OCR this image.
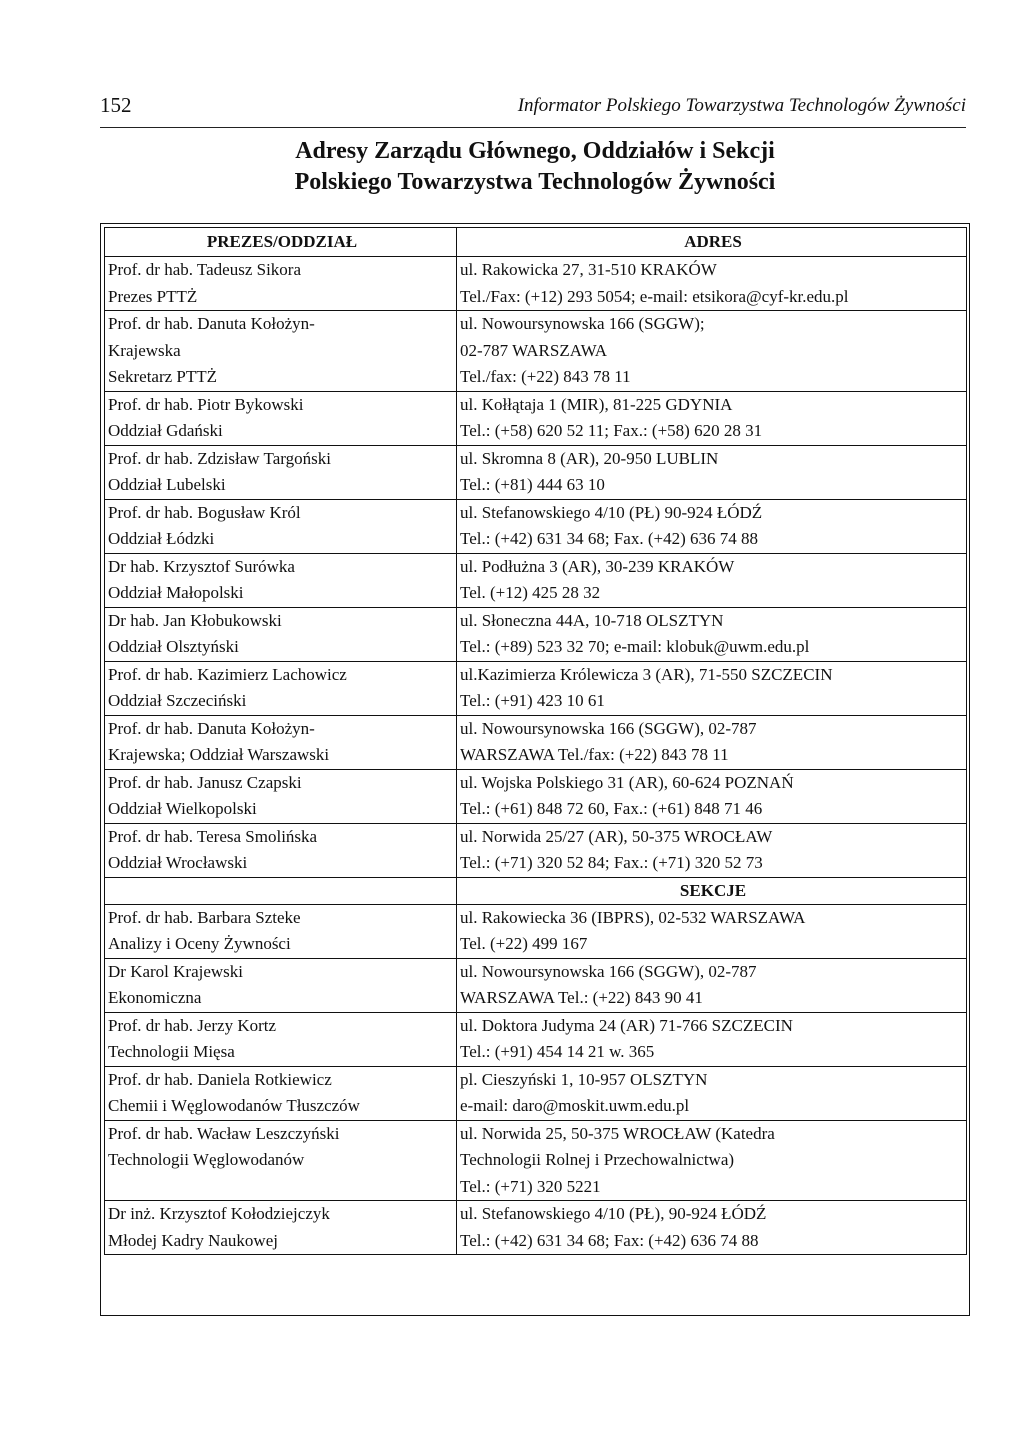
152	Informator Polskiego Towarzystwa Technologów Żywności
Adresy Zarządu Głównego, Oddziałów i Sekcji
Polskiego Towarzystwa Technologów Żywności
PREZES/ODDZIAŁ	ADRES

Prof. dr hab. Tadeusz Sikora
Prezes PTTŻ	ul. Rakowicka 27, 31-510 KRAKÓW
Tel./Fax: (+12) 293 5054; e-mail: etsikora@cyf-kr.edu.pl

Prof. dr hab. Danuta Kołożyn-
Krajewska
Sekretarz PTTŻ	ul. Nowoursynowska 166 (SGGW);
02-787 WARSZAWA
Tel./fax: (+22) 843 78 11

Prof. dr hab. Piotr Bykowski
Oddział Gdański	ul. Kołłątaja 1 (MIR), 81-225 GDYNIA
Tel.: (+58) 620 52 11; Fax.: (+58) 620 28 31

Prof. dr hab. Zdzisław Targoński
Oddział Lubelski	ul. Skromna 8 (AR), 20-950 LUBLIN
Tel.: (+81) 444 63 10

Prof. dr hab. Bogusław Król
Oddział Łódzki	ul. Stefanowskiego 4/10 (PŁ) 90-924 ŁÓDŹ
Tel.: (+42) 631 34 68; Fax. (+42) 636 74 88

Dr hab. Krzysztof Surówka
Oddział Małopolski	ul. Podłużna 3 (AR), 30-239 KRAKÓW
Tel. (+12) 425 28 32

Dr hab. Jan Kłobukowski
Oddział Olsztyński	ul. Słoneczna 44A, 10-718 OLSZTYN
Tel.: (+89) 523 32 70; e-mail: klobuk@uwm.edu.pl

Prof. dr hab. Kazimierz Lachowicz
Oddział Szczeciński	ul.Kazimierza Królewicza 3 (AR), 71-550 SZCZECIN
Tel.: (+91) 423 10 61

Prof. dr hab. Danuta Kołożyn-
Krajewska; Oddział Warszawski	ul. Nowoursynowska 166 (SGGW), 02-787
WARSZAWA Tel./fax: (+22) 843 78 11

Prof. dr hab. Janusz Czapski
Oddział Wielkopolski	ul. Wojska Polskiego 31 (AR), 60-624 POZNAŃ
Tel.: (+61) 848 72 60, Fax.: (+61) 848 71 46

Prof. dr hab. Teresa Smolińska
Oddział Wrocławski	ul. Norwida 25/27 (AR), 50-375 WROCŁAW
Tel.: (+71) 320 52 84; Fax.: (+71) 320 52 73

	SEKCJE

Prof. dr hab. Barbara Szteke
Analizy i Oceny Żywności	ul. Rakowiecka 36 (IBPRS), 02-532 WARSZAWA
Tel. (+22) 499 167

Dr Karol Krajewski
Ekonomiczna	ul. Nowoursynowska 166 (SGGW), 02-787
WARSZAWA Tel.: (+22) 843 90 41

Prof. dr hab. Jerzy Kortz
Technologii Mięsa	ul. Doktora Judyma 24 (AR) 71-766 SZCZECIN
Tel.: (+91) 454 14 21 w. 365

Prof. dr hab. Daniela Rotkiewicz
Chemii i Węglowodanów Tłuszczów	pl. Cieszyński 1, 10-957 OLSZTYN
e-mail: daro@moskit.uwm.edu.pl

Prof. dr hab. Wacław Leszczyński
Technologii Węglowodanów	ul. Norwida 25, 50-375 WROCŁAW (Katedra
Technologii Rolnej i Przechowalnictwa)
Tel.: (+71) 320 5221

Dr inż. Krzysztof Kołodziejczyk
Młodej Kadry Naukowej	ul. Stefanowskiego 4/10 (PŁ), 90-924 ŁÓDŹ
Tel.: (+42) 631 34 68; Fax: (+42) 636 74 88
